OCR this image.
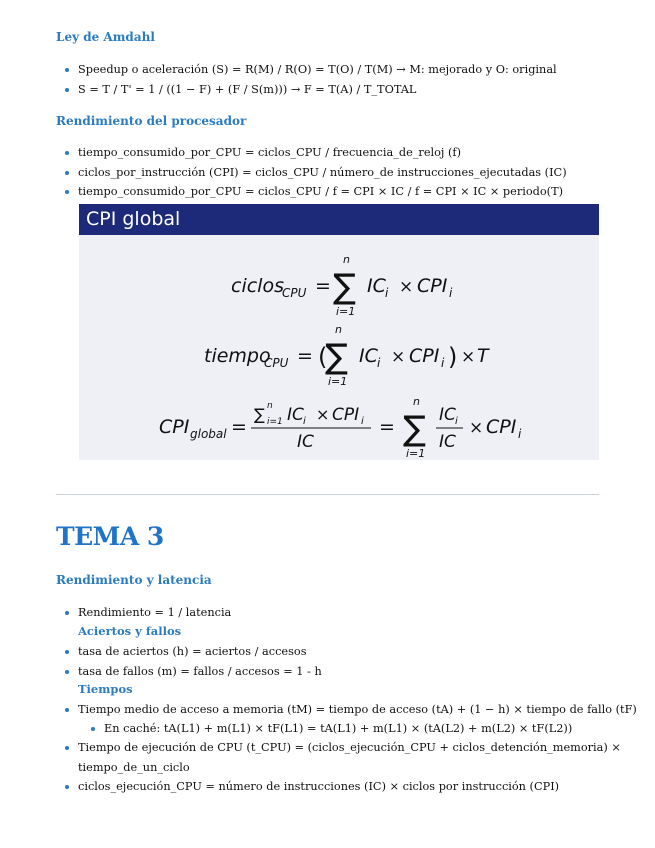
Ley de Amdahl
Speedup o aceleración (S) = R(M) / R(O) = T(O) / T(M) → M: mejorado y O: original
S = T / T' = 1 / ((1 − F) + (F / S(m))) → F = T(A) / T_TOTAL
Rendimiento del procesador
tiempo_consumido_por_CPU = ciclos_CPU / frecuencia_de_reloj (f)
ciclos_por_instrucción (CPI) = ciclos_CPU / número_de instrucciones_ejecutadas (IC)
tiempo_consumido_por_CPU = ciclos_CPU / f = CPI × IC / f = CPI × IC × periodo(T)
CPI global
ciclos
CPU =
n
∑
i=1
IC i × CPI i
tiempo
CPU = (
n
∑
i=1
IC i × CPI i ) × T
CPI global =
∑ n
i=1 IC i × CPI i
IC
=
n
∑
i=1
IC i
IC
× CPI i
TEMA 3
Rendimiento y latencia
Rendimiento = 1 / latencia
Aciertos y fallos
tasa de aciertos (h) = aciertos / accesos
tasa de fallos (m) = fallos / accesos = 1 - h
Tiempos
Tiempo medio de acceso a memoria (tM) = tiempo de acceso (tA) + (1 − h) × tiempo de fallo (tF)
En caché: tA(L1) + m(L1) × tF(L1) = tA(L1) + m(L1) × (tA(L2) + m(L2) × tF(L2))
Tiempo de ejecución de CPU (t_CPU) = (ciclos_ejecución_CPU + ciclos_detención_memoria) ×
tiempo_de_un_ciclo
ciclos_ejecución_CPU = número de instrucciones (IC) × ciclos por instrucción (CPI)
